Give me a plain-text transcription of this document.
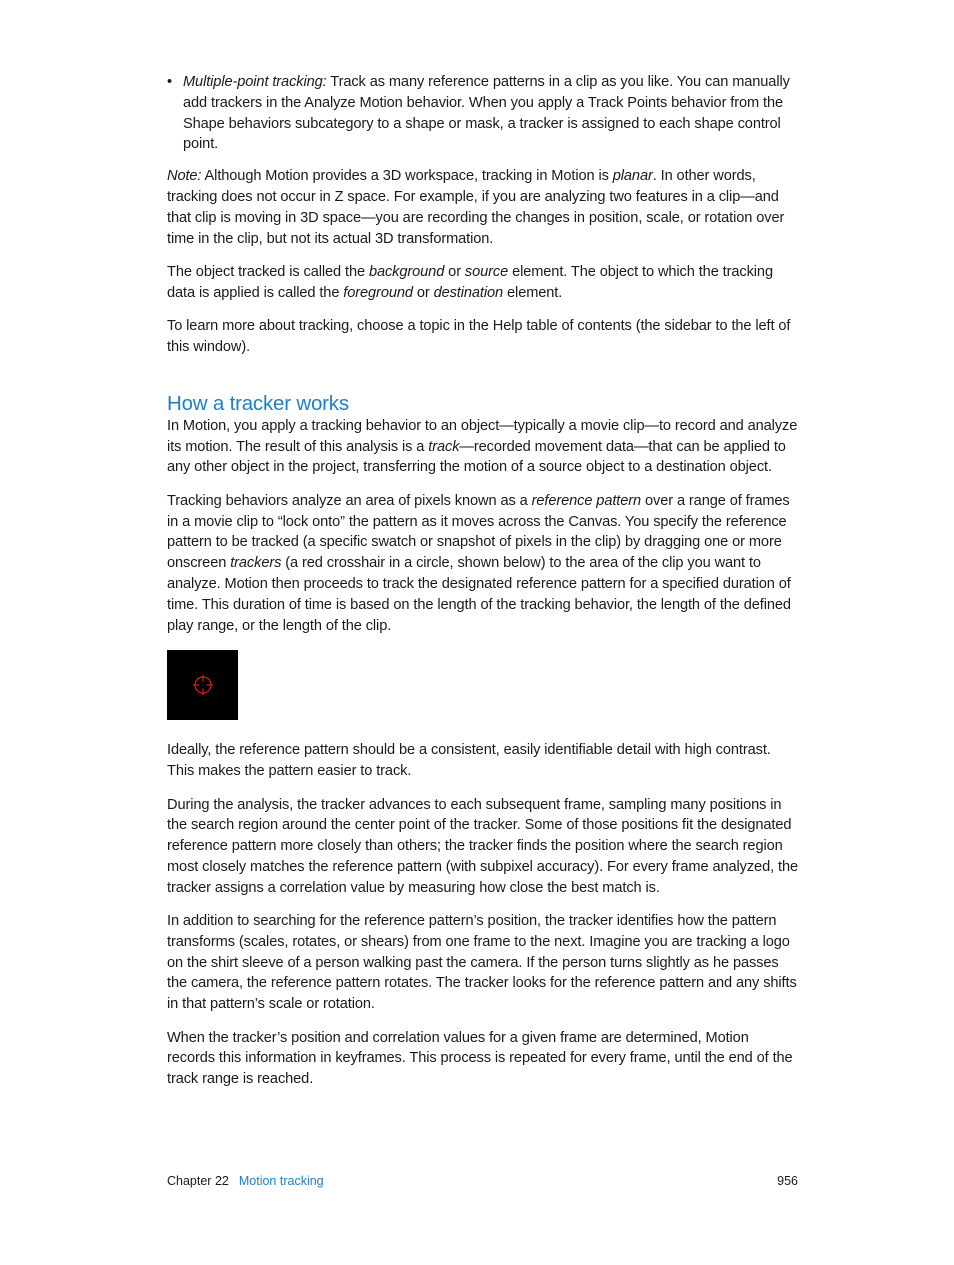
• Multiple-point tracking: Track as many reference patterns in a clip as you like. You can manually add trackers in the Analyze Motion behavior. When you apply a Track Points behavior from the Shape behaviors subcategory to a shape or mask, a tracker is assigned to each shape control point.

Note: Although Motion provides a 3D workspace, tracking in Motion is planar. In other words, tracking does not occur in Z space. For example, if you are analyzing two features in a clip—and that clip is moving in 3D space—you are recording the changes in position, scale, or rotation over time in the clip, but not its actual 3D transformation.

The object tracked is called the background or source element. The object to which the tracking data is applied is called the foreground or destination element.

To learn more about tracking, choose a topic in the Help table of contents (the sidebar to the left of this window).

How a tracker works

In Motion, you apply a tracking behavior to an object—typically a movie clip—to record and analyze its motion. The result of this analysis is a track—recorded movement data—that can be applied to any other object in the project, transferring the motion of a source object to a destination object.

Tracking behaviors analyze an area of pixels known as a reference pattern over a range of frames in a movie clip to “lock onto” the pattern as it moves across the Canvas. You specify the reference pattern to be tracked (a specific swatch or snapshot of pixels in the clip) by dragging one or more onscreen trackers (a red crosshair in a circle, shown below) to the area of the clip you want to analyze. Motion then proceeds to track the designated reference pattern for a specified duration of time. This duration of time is based on the length of the tracking behavior, the length of the defined play range, or the length of the clip.

Ideally, the reference pattern should be a consistent, easily identifiable detail with high contrast. This makes the pattern easier to track.

During the analysis, the tracker advances to each subsequent frame, sampling many positions in the search region around the center point of the tracker. Some of those positions fit the designated reference pattern more closely than others; the tracker finds the position where the search region most closely matches the reference pattern (with subpixel accuracy). For every frame analyzed, the tracker assigns a correlation value by measuring how close the best match is.

In addition to searching for the reference pattern’s position, the tracker identifies how the pattern transforms (scales, rotates, or shears) from one frame to the next. Imagine you are tracking a logo on the shirt sleeve of a person walking past the camera. If the person turns slightly as he passes the camera, the reference pattern rotates. The tracker looks for the reference pattern and any shifts in that pattern’s scale or rotation.

When the tracker’s position and correlation values for a given frame are determined, Motion records this information in keyframes. This process is repeated for every frame, until the end of the track range is reached.

Chapter 22 Motion tracking	956
